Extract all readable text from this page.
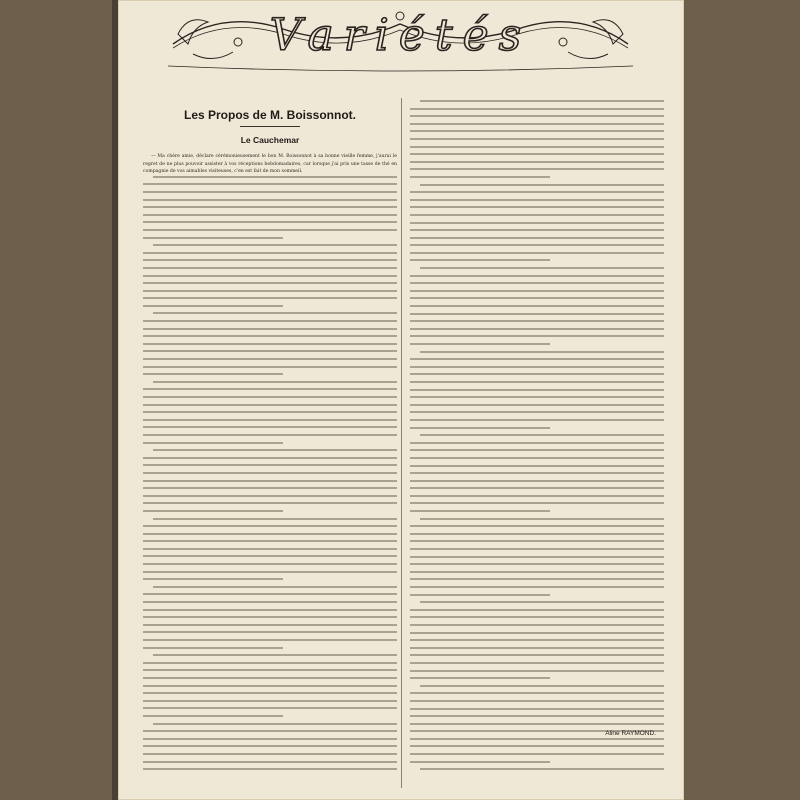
Variétés
Les Propos de M. Boissonnot.
Le Cauchemar

— Ma chère amie, déclare cérémonieusement le bon M. Boissonnot à sa bonne vieille femme, j'aurai le regret de ne plus pouvoir assister à vos réceptions hebdomadaires, car lorsque j'ai pris une tasse de thé en compagnie de vos aimables visiteuses, c'en est fait de mon sommeil.

Aline RAYMOND.
